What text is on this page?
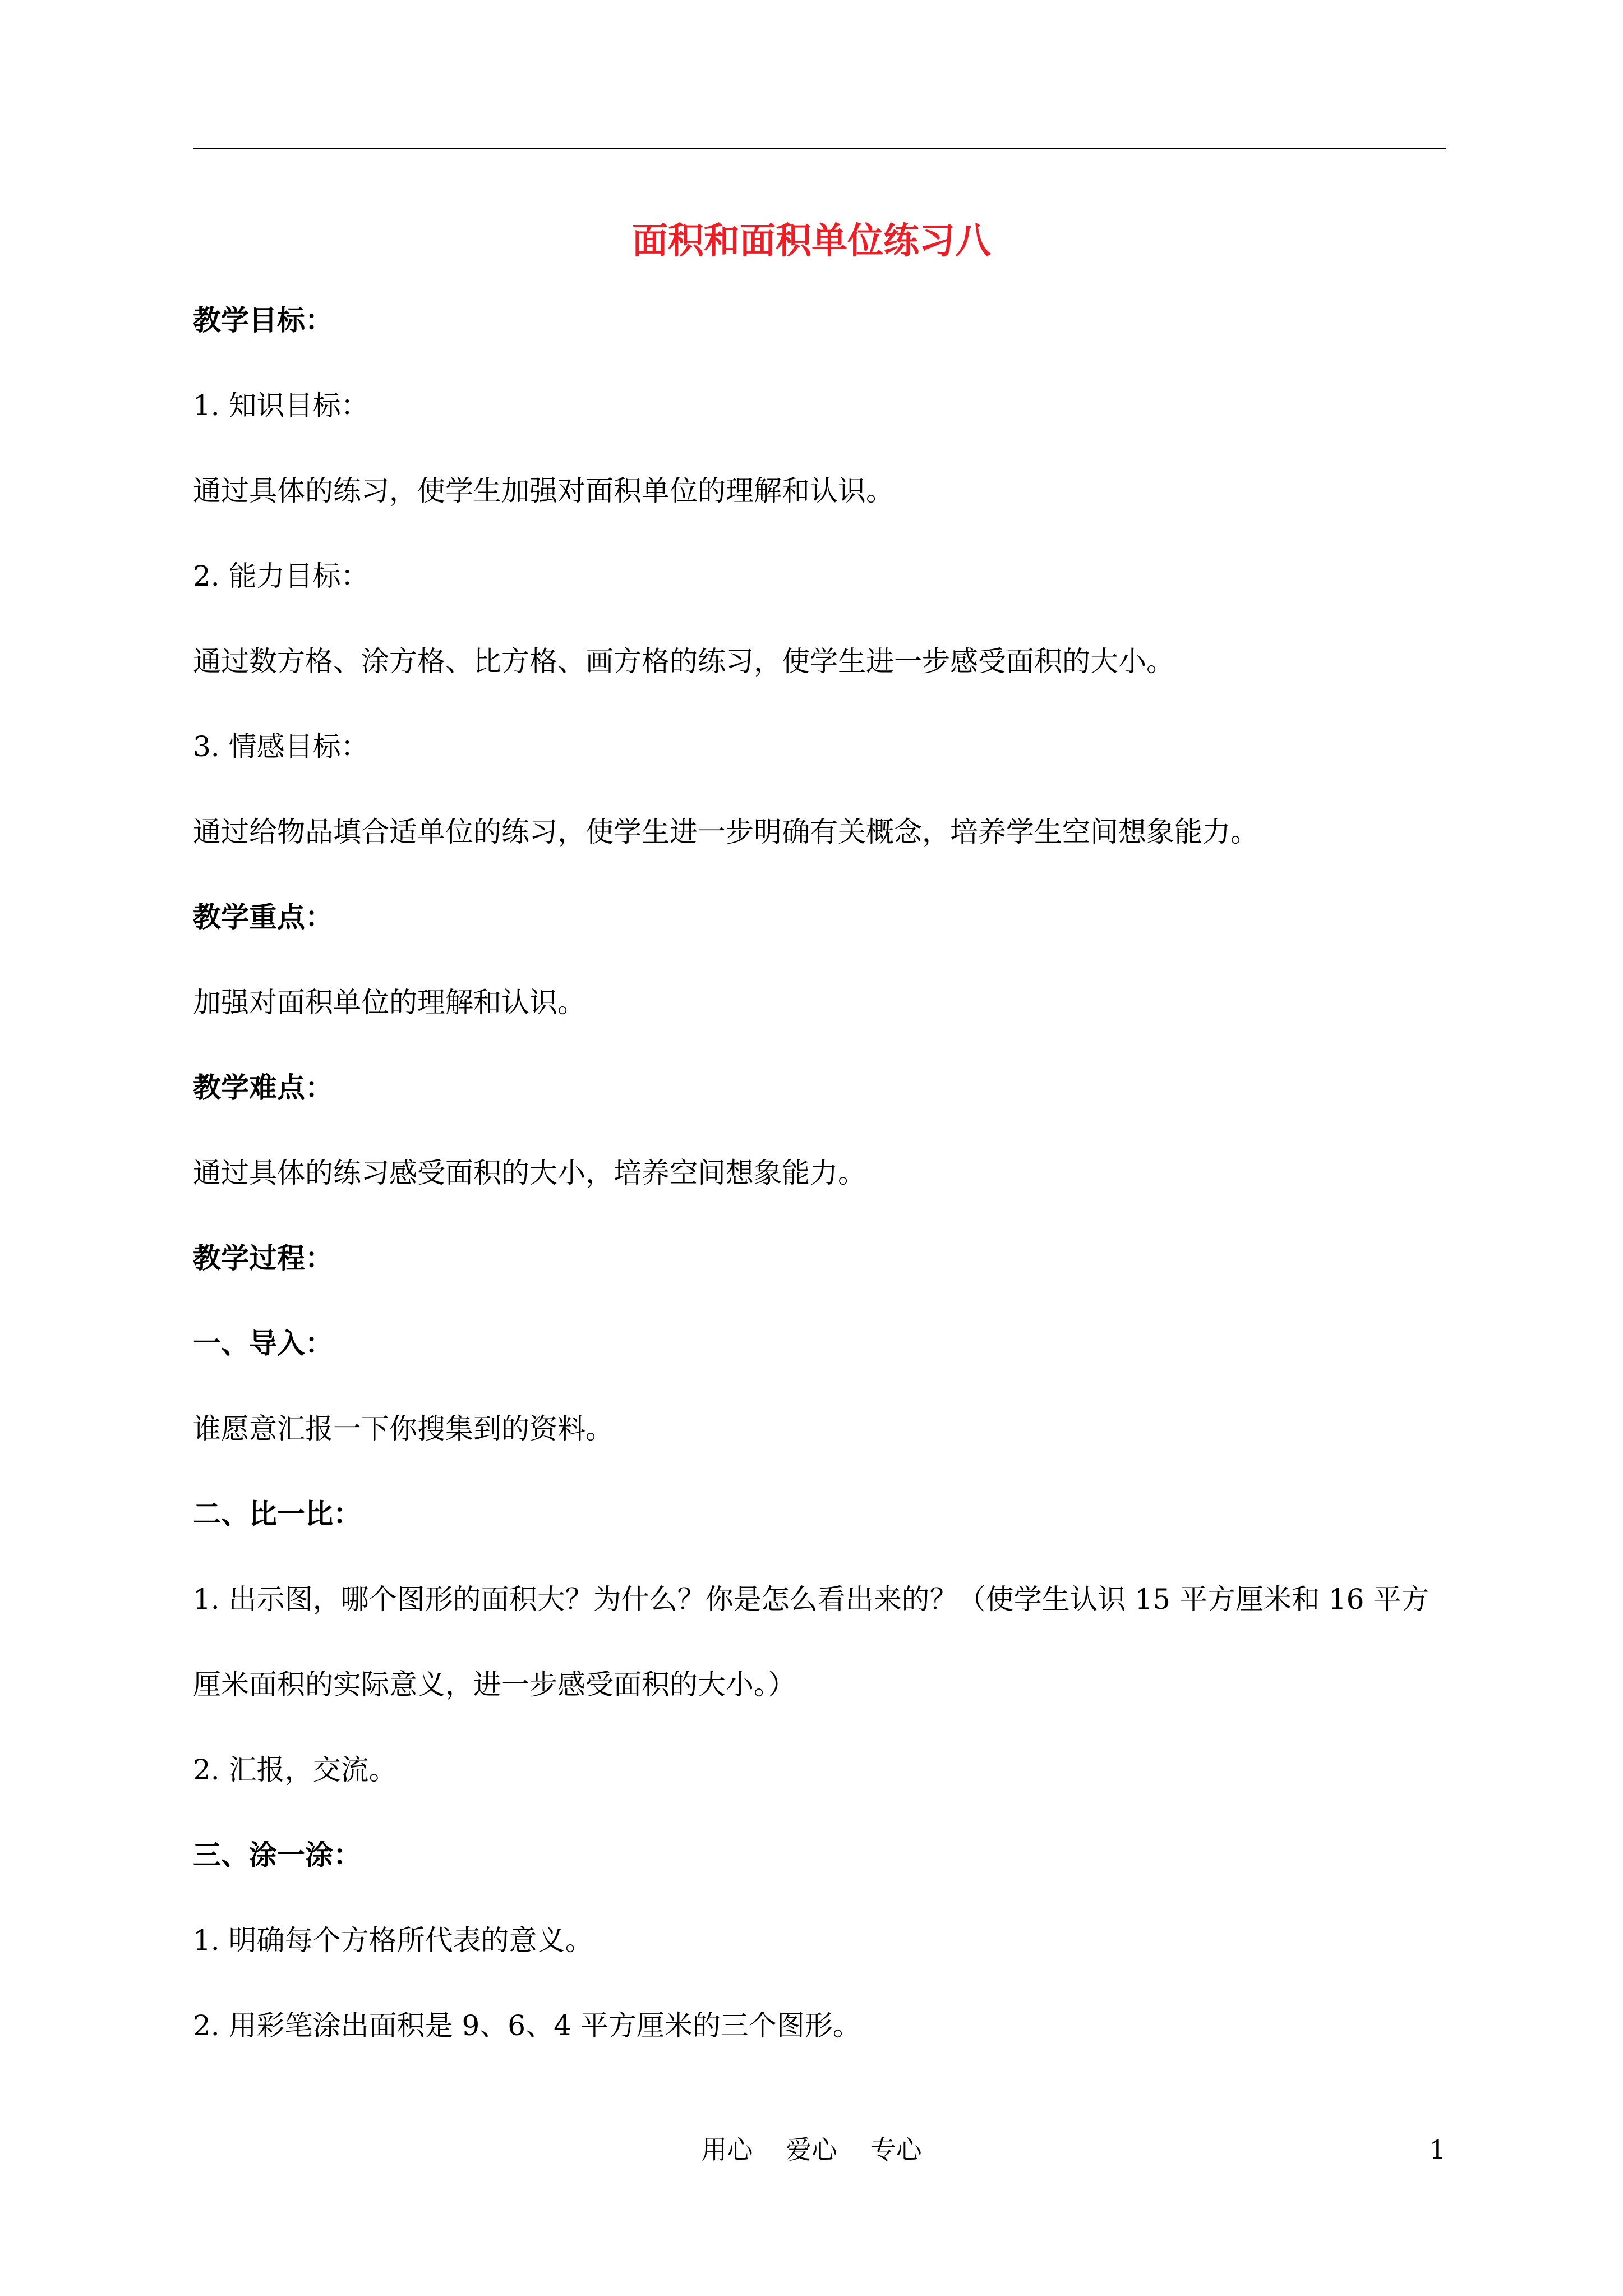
面积和面积单位练习八
教学目标：
1. 知识目标：
通过具体的练习，使学生加强对面积单位的理解和认识。
2. 能力目标：
通过数方格、涂方格、比方格、画方格的练习，使学生进一步感受面积的大小。
3. 情感目标：
通过给物品填合适单位的练习，使学生进一步明确有关概念，培养学生空间想象能力。
教学重点：
加强对面积单位的理解和认识。
教学难点：
通过具体的练习感受面积的大小，培养空间想象能力。
教学过程：
一、导入：
谁愿意汇报一下你搜集到的资料。
二、比一比：
1. 出示图，哪个图形的面积大？为什么？你是怎么看出来的？（使学生认识 15 平方厘米和 16 平方
厘米面积的实际意义，进一步感受面积的大小。）
2. 汇报，交流。
三、涂一涂：
1. 明确每个方格所代表的意义。
2. 用彩笔涂出面积是 9、6、4 平方厘米的三个图形。
用心 爱心 专心	1
